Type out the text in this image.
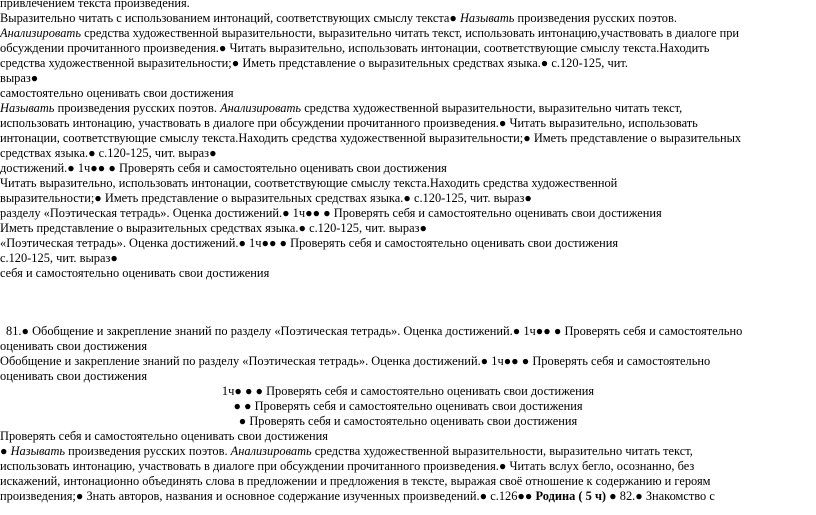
привлечением текста произведения.
Выразительно читать с использованием интонаций, соответствующих смыслу текста● Называть произведения русских поэтов.
Анализировать средства художественной выразительности, выразительно читать текст, использовать интонацию,участвовать в диалоге при
обсуждении прочитанного произведения.● Читать выразительно, использовать интонации, соответствующие смыслу текста.Находить
средства художественной выразительности;● Иметь представление о выразительных средствах языка.● с.120-125, чит.
выраз●
самостоятельно оценивать свои достижения
Называть произведения русских поэтов. Анализировать средства художественной выразительности, выразительно читать текст,
использовать интонацию, участвовать в диалоге при обсуждении прочитанного произведения.● Читать выразительно, использовать
интонации, соответствующие смыслу текста.Находить средства художественной выразительности;● Иметь представление о выразительных
средствах языка.● с.120-125, чит. выраз●
достижений.● 1ч●● ● Проверять себя и самостоятельно оценивать свои достижения
Читать выразительно, использовать интонации, соответствующие смыслу текста.Находить средства художественной
выразительности;● Иметь представление о выразительных средствах языка.● с.120-125, чит. выраз●
разделу «Поэтическая тетрадь». Оценка достижений.● 1ч●● ● Проверять себя и самостоятельно оценивать свои достижения
Иметь представление о выразительных средствах языка.● с.120-125, чит. выраз●
«Поэтическая тетрадь». Оценка достижений.● 1ч●● ● Проверять себя и самостоятельно оценивать свои достижения
с.120-125, чит. выраз●
себя и самостоятельно оценивать свои достижения
81.● Обобщение и закрепление знаний по разделу «Поэтическая тетрадь». Оценка достижений.● 1ч●● ● Проверять себя и самостоятельно
оценивать свои достижения
Обобщение и закрепление знаний по разделу «Поэтическая тетрадь». Оценка достижений.● 1ч●● ● Проверять себя и самостоятельно
оценивать свои достижения
1ч● ● ● Проверять себя и самостоятельно оценивать свои достижения
● ● Проверять себя и самостоятельно оценивать свои достижения
● Проверять себя и самостоятельно оценивать свои достижения
Проверять себя и самостоятельно оценивать свои достижения
● Называть произведения русских поэтов. Анализировать средства художественной выразительности, выразительно читать текст,
использовать интонацию, участвовать в диалоге при обсуждении прочитанного произведения.● Читать вслух бегло, осознанно, без
искажений, интонационно объединять слова в предложении и предложения в тексте, выражая своё отношение к содержанию и героям
произведения;● Знать авторов, названия и основное содержание изученных произведений.● с.126●● Родина ( 5 ч) ● 82.● Знакомство с
